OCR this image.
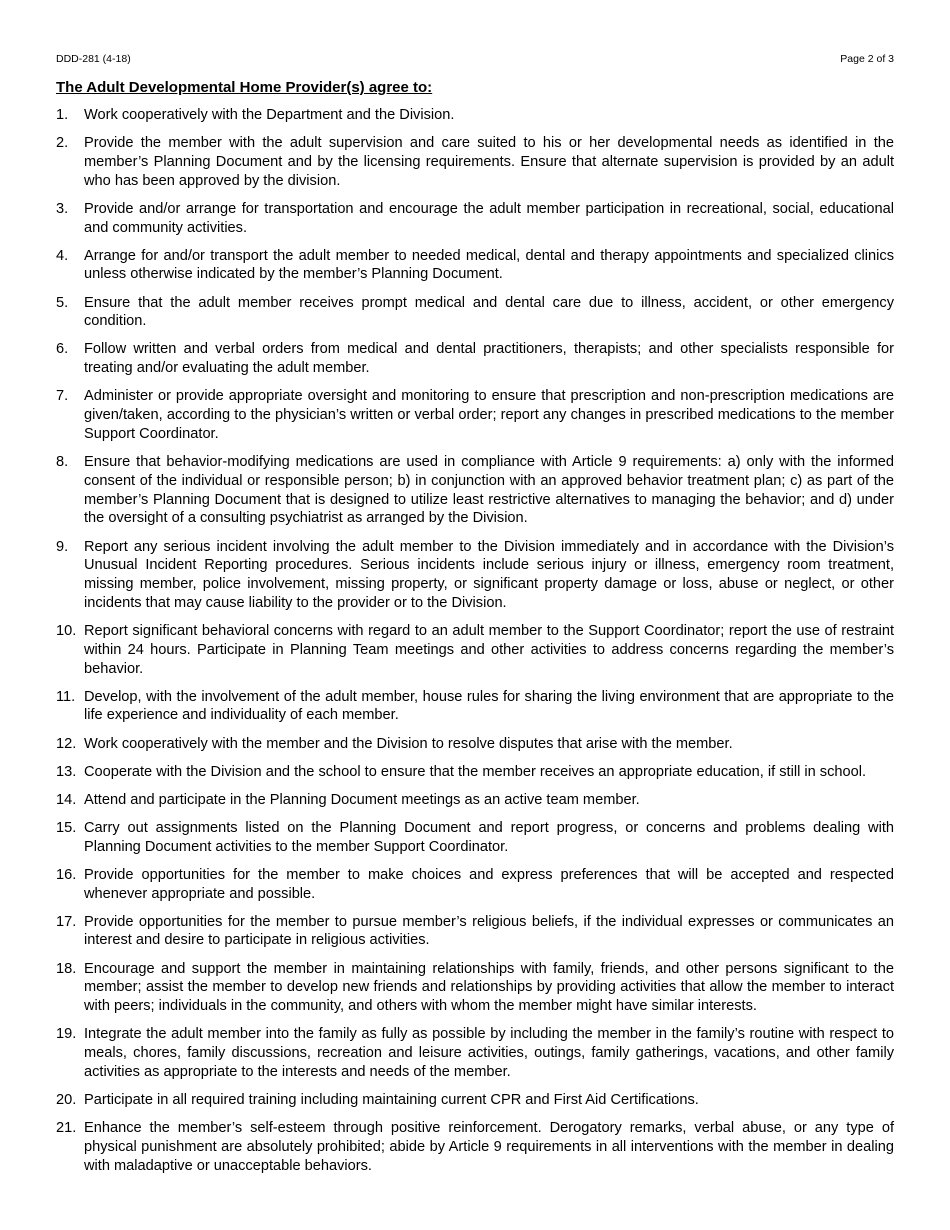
DDD-281 (4-18)	Page 2 of 3
The Adult Developmental Home Provider(s) agree to:
1.	Work cooperatively with the Department and the Division.
2.	Provide the member with the adult supervision and care suited to his or her developmental needs as identified in the member’s Planning Document and by the licensing requirements. Ensure that alternate supervision is provided by an adult who has been approved by the division.
3.	Provide and/or arrange for transportation and encourage the adult member participation in recreational, social, educational and community activities.
4.	Arrange for and/or transport the adult member to needed medical, dental and therapy appointments and specialized clinics unless otherwise indicated by the member’s Planning Document.
5.	Ensure that the adult member receives prompt medical and dental care due to illness, accident, or other emergency condition.
6.	Follow written and verbal orders from medical and dental practitioners, therapists; and other specialists responsible for treating and/or evaluating the adult member.
7.	Administer or provide appropriate oversight and monitoring to ensure that prescription and non-prescription medications are given/taken, according to the physician’s written or verbal order; report any changes in prescribed medications to the member Support Coordinator.
8.	Ensure that behavior-modifying medications are used in compliance with Article 9 requirements: a) only with the informed consent of the individual or responsible person; b) in conjunction with an approved behavior treatment plan; c) as part of the member’s Planning Document that is designed to utilize least restrictive alternatives to managing the behavior; and d) under the oversight of a consulting psychiatrist as arranged by the Division.
9.	Report any serious incident involving the adult member to the Division immediately and in accordance with the Division’s Unusual Incident Reporting procedures. Serious incidents include serious injury or illness, emergency room treatment, missing member, police involvement, missing property, or significant property damage or loss, abuse or neglect, or other incidents that may cause liability to the provider or to the Division.
10. Report significant behavioral concerns with regard to an adult member to the Support Coordinator; report the use of restraint within 24 hours. Participate in Planning Team meetings and other activities to address concerns regarding the member’s behavior.
11. Develop, with the involvement of the adult member, house rules for sharing the living environment that are appropriate to the life experience and individuality of each member.
12. Work cooperatively with the member and the Division to resolve disputes that arise with the member.
13. Cooperate with the Division and the school to ensure that the member receives an appropriate education, if still in school.
14. Attend and participate in the Planning Document meetings as an active team member.
15. Carry out assignments listed on the Planning Document and report progress, or concerns and problems dealing with Planning Document activities to the member Support Coordinator.
16. Provide opportunities for the member to make choices and express preferences that will be accepted and respected whenever appropriate and possible.
17. Provide opportunities for the member to pursue member’s religious beliefs, if the individual expresses or communicates an interest and desire to participate in religious activities.
18. Encourage and support the member in maintaining relationships with family, friends, and other persons significant to the member; assist the member to develop new friends and relationships by providing activities that allow the member to interact with peers; individuals in the community, and others with whom the member might have similar interests.
19. Integrate the adult member into the family as fully as possible by including the member in the family’s routine with respect to meals, chores, family discussions, recreation and leisure activities, outings, family gatherings, vacations, and other family activities as appropriate to the interests and needs of the member.
20. Participate in all required training including maintaining current CPR and First Aid Certifications.
21. Enhance the member’s self-esteem through positive reinforcement. Derogatory remarks, verbal abuse, or any type of physical punishment are absolutely prohibited; abide by Article 9 requirements in all interventions with the member in dealing with maladaptive or unacceptable behaviors.
